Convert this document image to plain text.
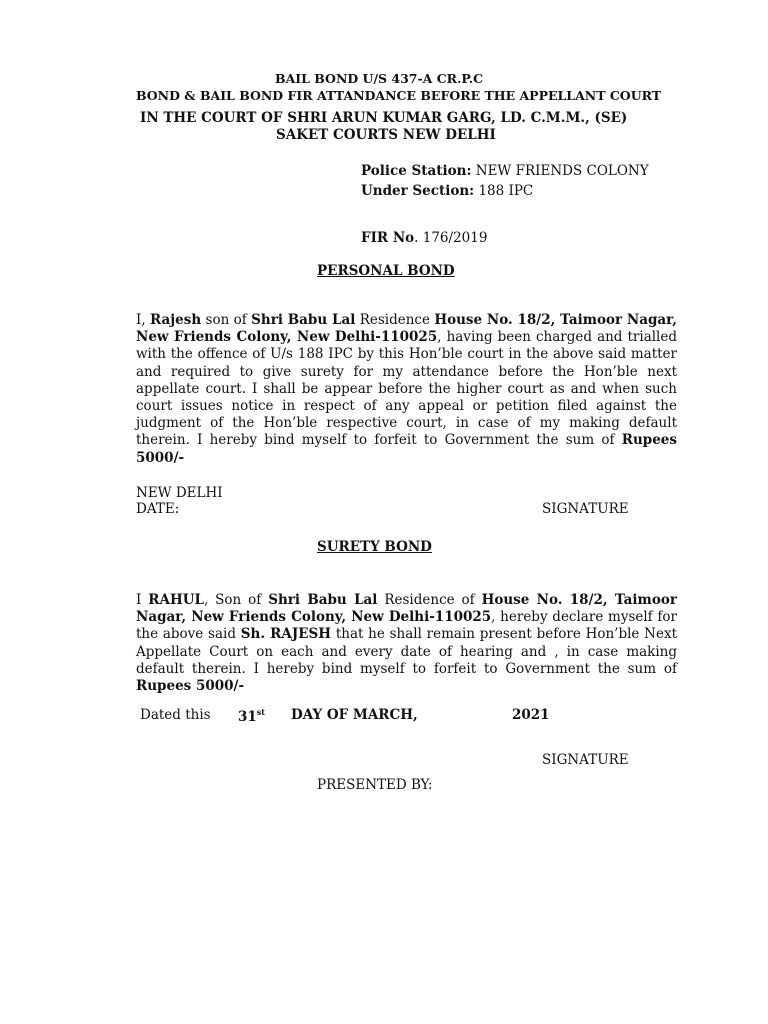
BAIL BOND U/S 437-A CR.P.C
BOND & BAIL BOND FIR ATTANDANCE BEFORE THE APPELLANT COURT
IN THE COURT OF SHRI ARUN KUMAR GARG, LD. C.M.M., (SE)
SAKET COURTS NEW DELHI
Police Station: NEW FRIENDS COLONY
Under Section: 188 IPC
FIR No. 176/2019
PERSONAL BOND
I, Rajesh son of Shri Babu Lal Residence House No. 18/2, Taimoor Nagar, New Friends Colony, New Delhi-110025, having been charged and trialled with the offence of U/s 188 IPC by this Hon’ble court in the above said matter and required to give surety for my attendance before the Hon’ble next appellate court. I shall be appear before the higher court as and when such court issues notice in respect of any appeal or petition filed against the judgment of the Hon’ble respective court, in case of my making default therein. I hereby bind myself to forfeit to Government the sum of Rupees 5000/-
NEW DELHI
DATE:	SIGNATURE
SURETY BOND
I RAHUL, Son of Shri Babu Lal Residence of House No. 18/2, Taimoor Nagar, New Friends Colony, New Delhi-110025, hereby declare myself for the above said Sh. RAJESH that he shall remain present before Hon’ble Next Appellate Court on each and every date of hearing and , in case making default therein. I hereby bind myself to forfeit to Government the sum of Rupees 5000/-
Dated this 31st DAY OF MARCH,	2021
SIGNATURE
PRESENTED BY:
